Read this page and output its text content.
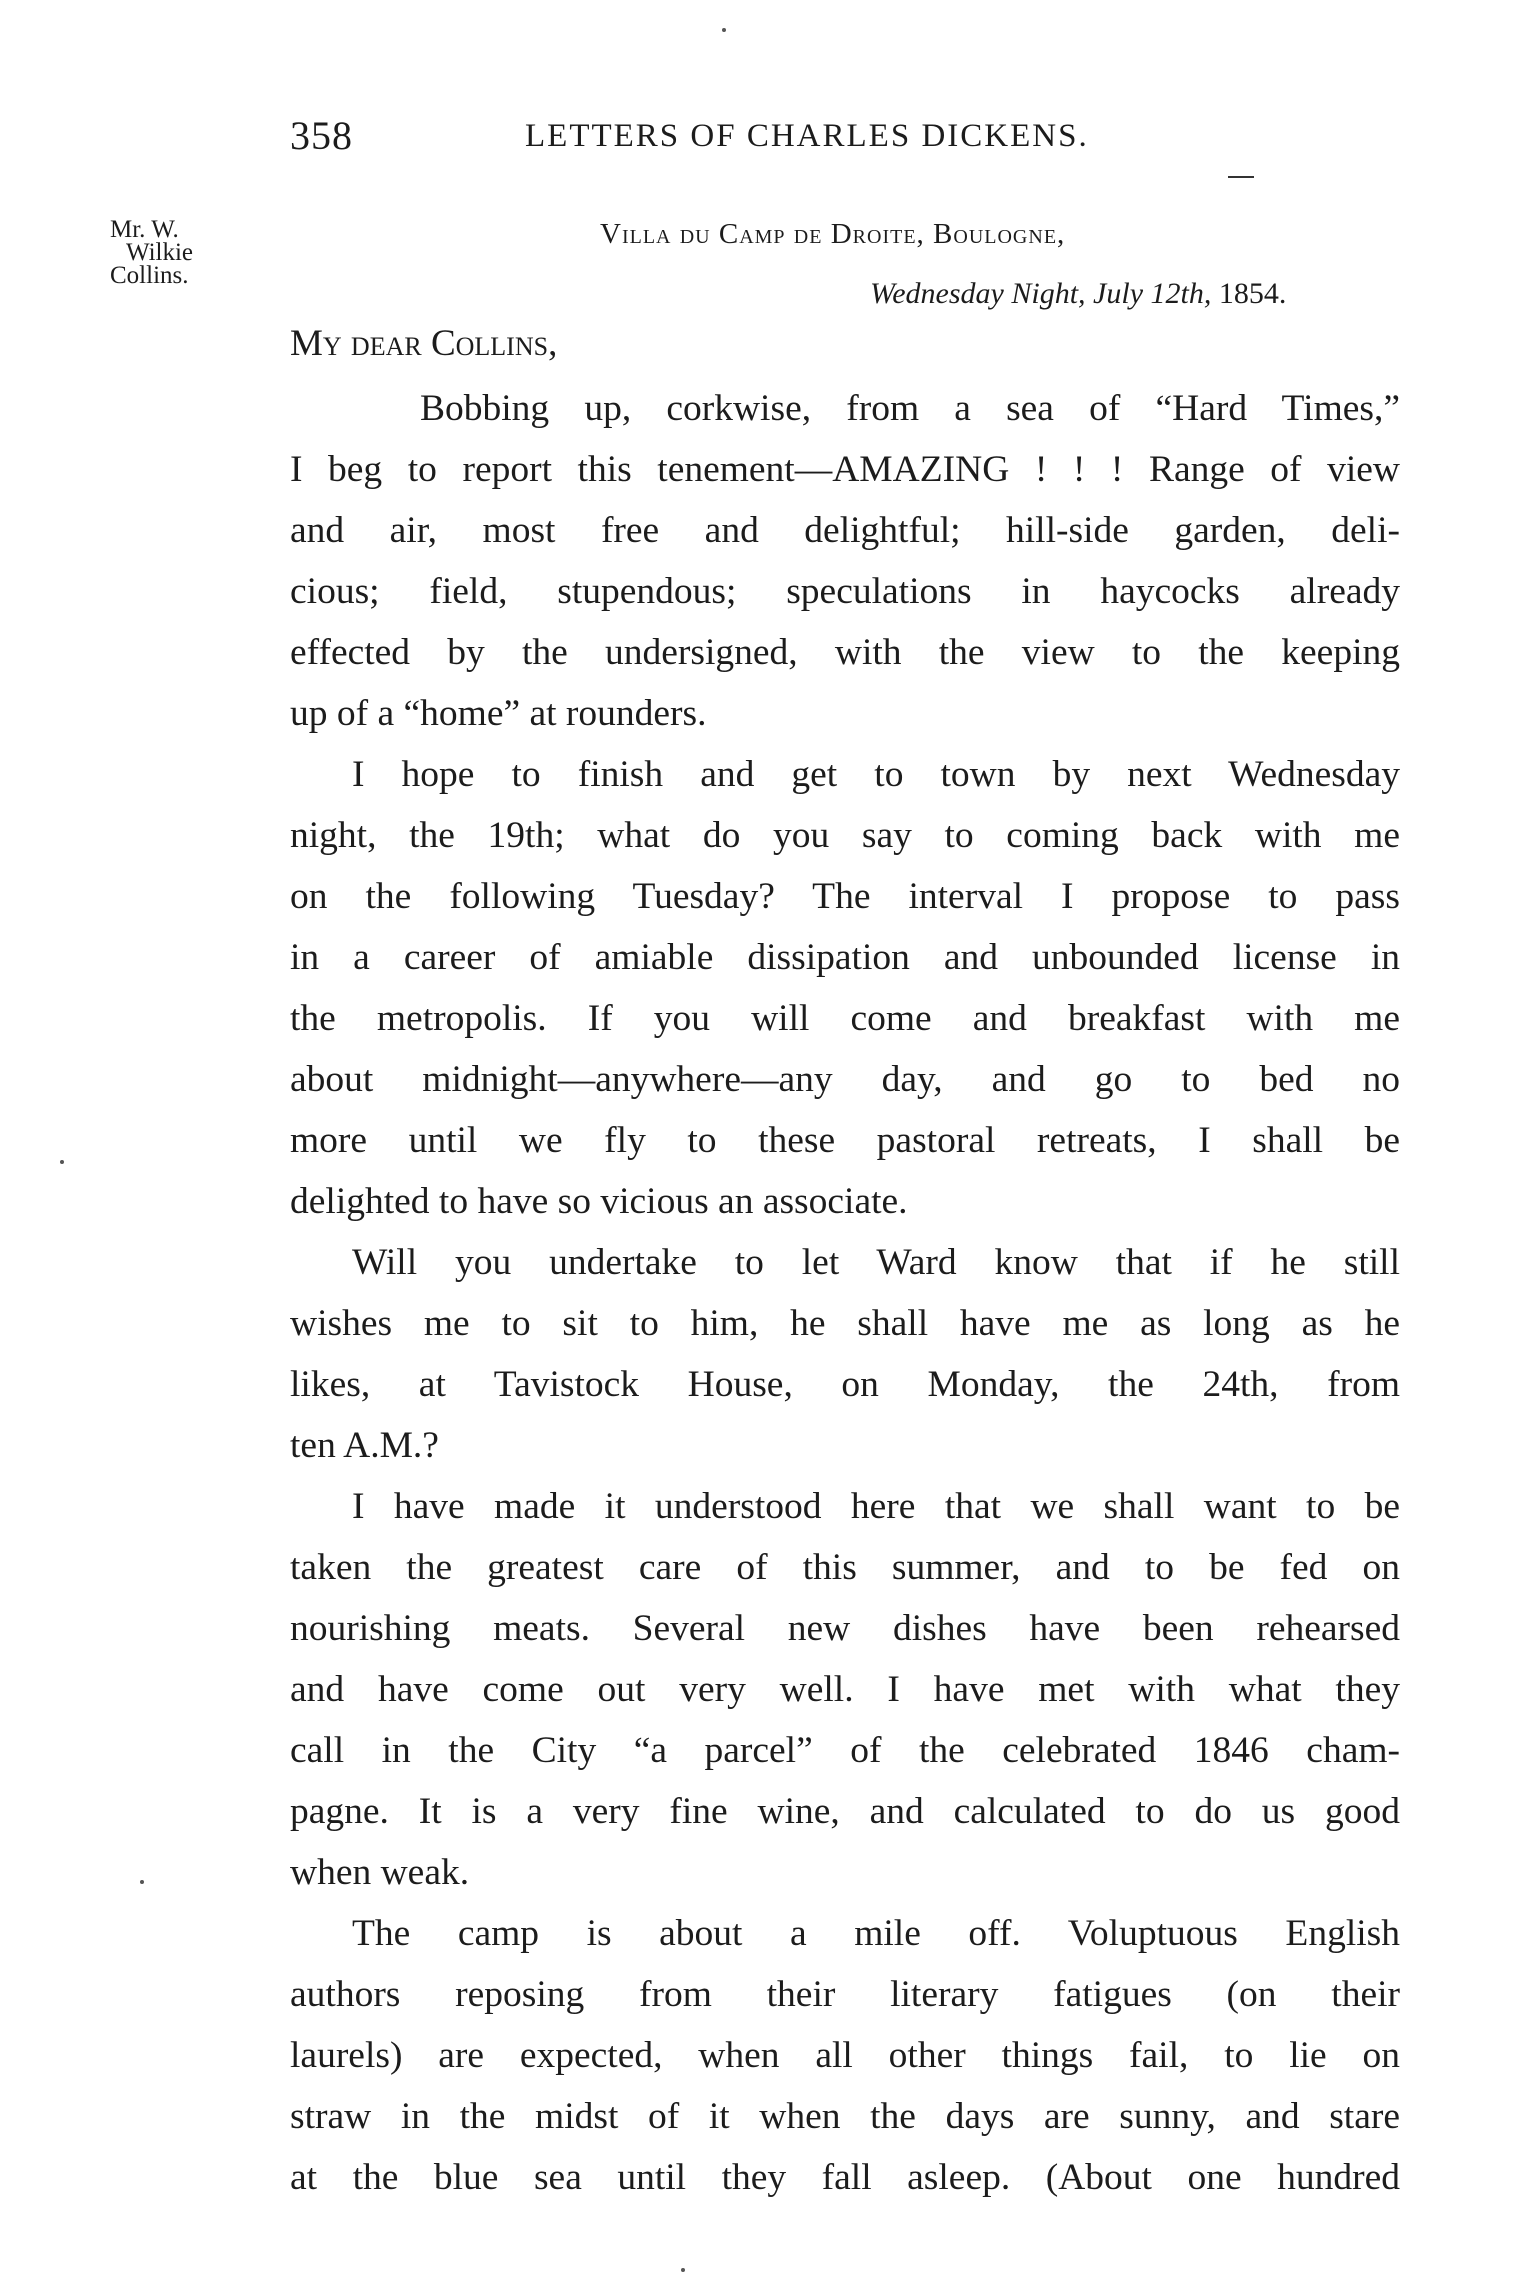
358	LETTERS OF CHARLES DICKENS.
Mr. W.
Wilkie
Collins.
Villa du Camp de Droite, Boulogne,
Wednesday Night, July 12th, 1854.
My dear Collins,
Bobbing up, corkwise, from a sea of “Hard Times,”
I beg to report this tenement—AMAZING ! ! ! Range of view
and air, most free and delightful; hill-side garden, deli-
cious; field, stupendous; speculations in haycocks already
effected by the undersigned, with the view to the keeping
up of a “home” at rounders.
I hope to finish and get to town by next Wednesday
night, the 19th; what do you say to coming back with me
on the following Tuesday? The interval I propose to pass
in a career of amiable dissipation and unbounded license in
the metropolis. If you will come and breakfast with me
about midnight—anywhere—any day, and go to bed no
more until we fly to these pastoral retreats, I shall be
delighted to have so vicious an associate.
Will you undertake to let Ward know that if he still
wishes me to sit to him, he shall have me as long as he
likes, at Tavistock House, on Monday, the 24th, from
ten A.M.?
I have made it understood here that we shall want to be
taken the greatest care of this summer, and to be fed on
nourishing meats. Several new dishes have been rehearsed
and have come out very well. I have met with what they
call in the City “a parcel” of the celebrated 1846 cham-
pagne. It is a very fine wine, and calculated to do us good
when weak.
The camp is about a mile off. Voluptuous English
authors reposing from their literary fatigues (on their
laurels) are expected, when all other things fail, to lie on
straw in the midst of it when the days are sunny, and stare
at the blue sea until they fall asleep. (About one hundred
